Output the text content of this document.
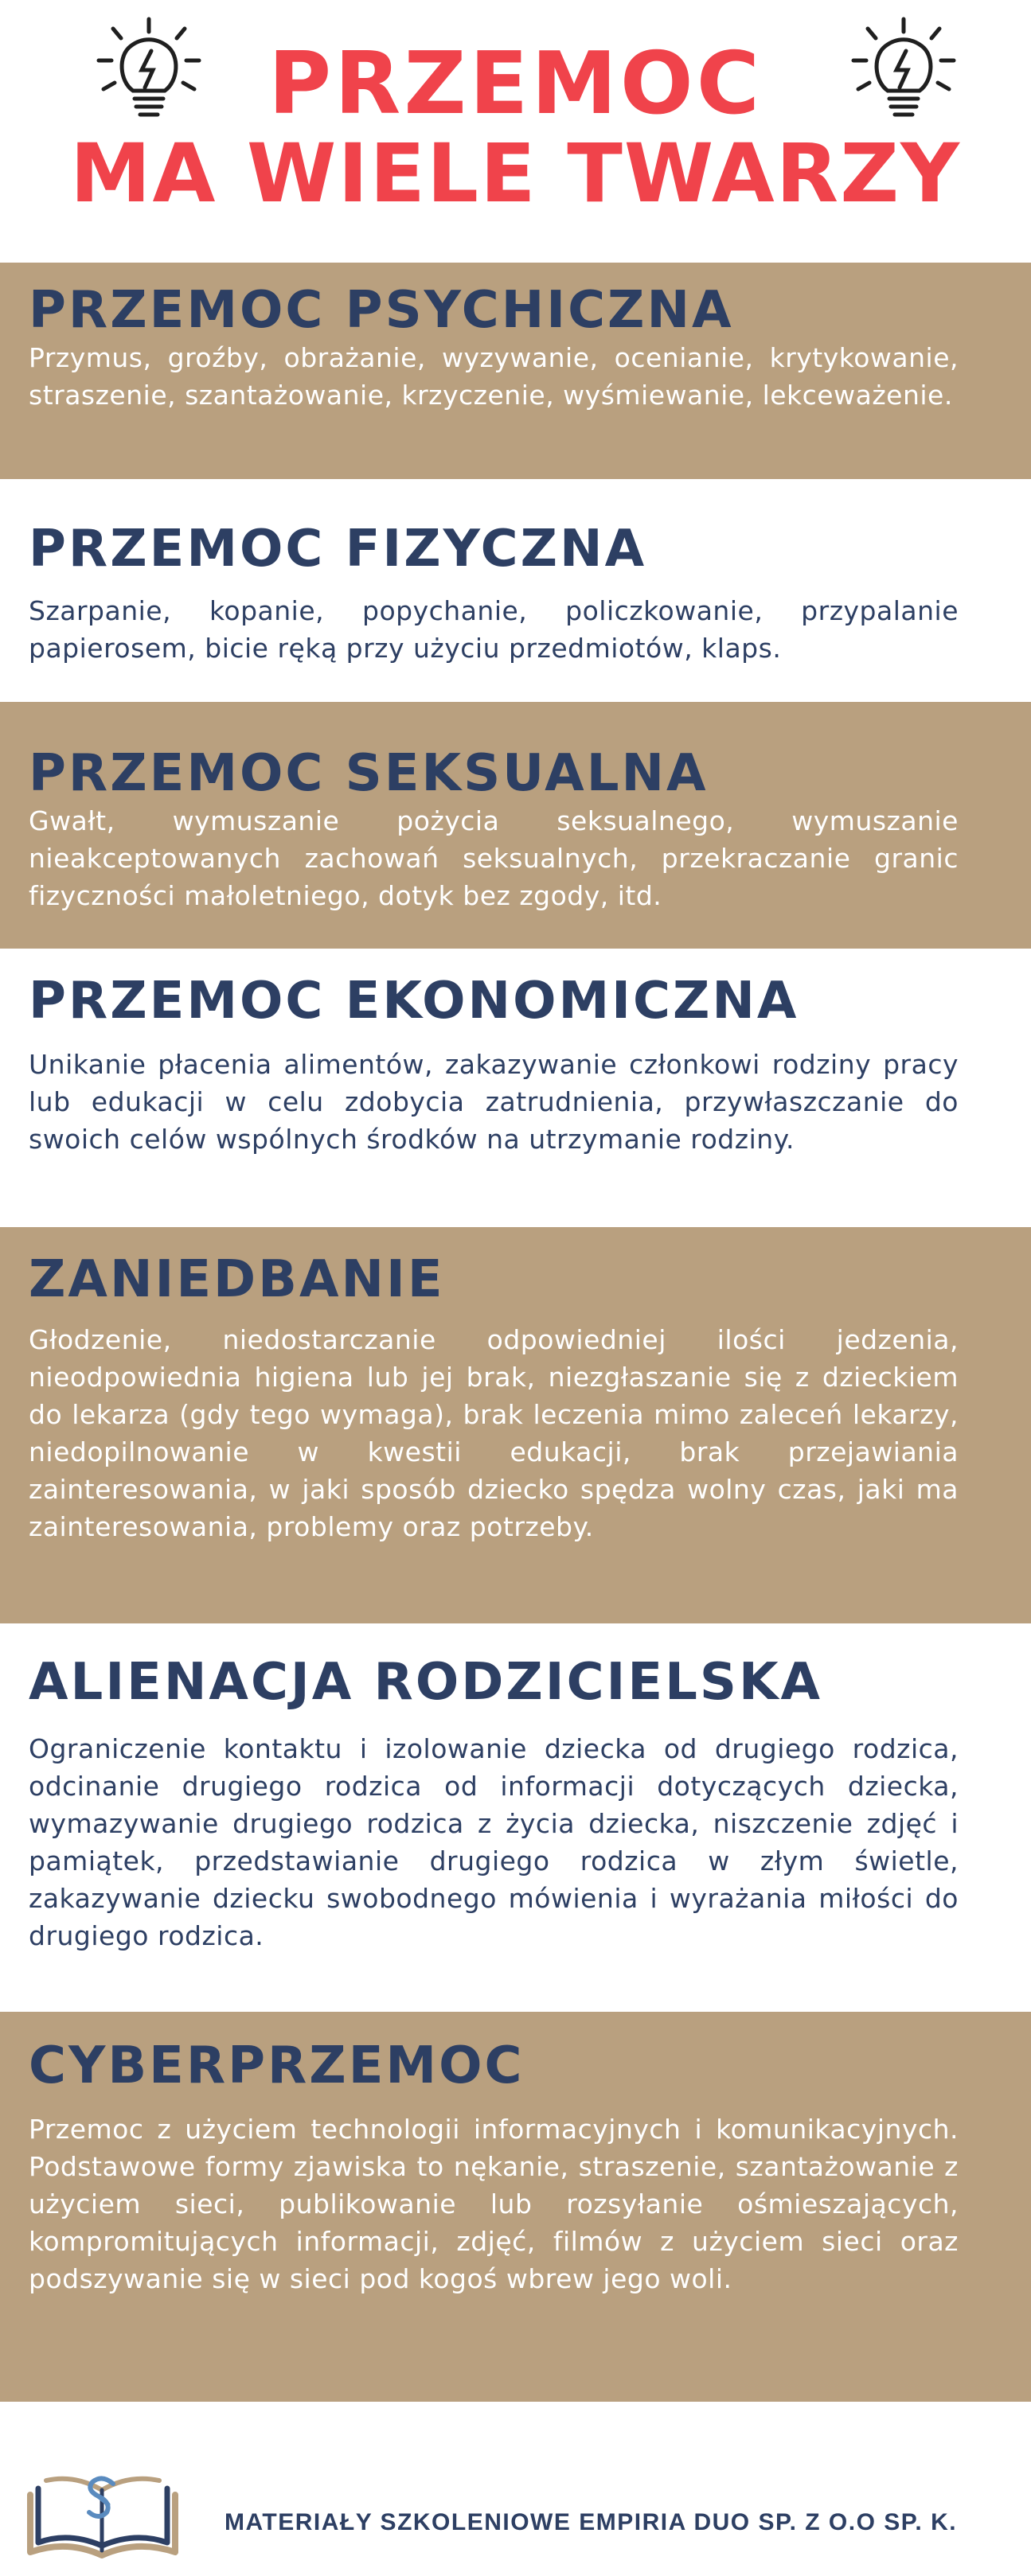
PRZEMOC
MA WIELE TWARZY
PRZEMOC PSYCHICZNA

Przymus, groźby, obrażanie, wyzywanie, ocenianie, krytykowanie, straszenie, szantażowanie, krzyczenie, wyśmiewanie, lekceważenie.

PRZEMOC FIZYCZNA

Szarpanie, kopanie, popychanie, policzkowanie, przypalanie papierosem, bicie ręką przy użyciu przedmiotów, klaps.

PRZEMOC SEKSUALNA

Gwałt, wymuszanie pożycia seksualnego, wymuszanie nieakceptowanych zachowań seksualnych, przekraczanie granic fizyczności małoletniego, dotyk bez zgody, itd.

PRZEMOC EKONOMICZNA

Unikanie płacenia alimentów, zakazywanie członkowi rodziny pracy lub edukacji w celu zdobycia zatrudnienia, przywłaszczanie do swoich celów wspólnych środków na utrzymanie rodziny.

ZANIEDBANIE

Głodzenie, niedostarczanie odpowiedniej ilości jedzenia, nieodpowiednia higiena lub jej brak, niezgłaszanie się z dzieckiem do lekarza (gdy tego wymaga), brak leczenia mimo zaleceń lekarzy, niedopilnowanie w kwestii edukacji, brak przejawiania zainteresowania, w jaki sposób dziecko spędza wolny czas, jaki ma zainteresowania, problemy oraz potrzeby.

ALIENACJA RODZICIELSKA

Ograniczenie kontaktu i izolowanie dziecka od drugiego rodzica, odcinanie drugiego rodzica od informacji dotyczących dziecka, wymazywanie drugiego rodzica z życia dziecka, niszczenie zdjęć i pamiątek, przedstawianie drugiego rodzica w złym świetle, zakazywanie dziecku swobodnego mówienia i wyrażania miłości do drugiego rodzica.

CYBERPRZEMOC

Przemoc z użyciem technologii informacyjnych i komunikacyjnych. Podstawowe formy zjawiska to nękanie, straszenie, szantażowanie z użyciem sieci, publikowanie lub rozsyłanie ośmieszających, kompromitujących informacji, zdjęć, filmów z użyciem sieci oraz podszywanie się w sieci pod kogoś wbrew jego woli.

MATERIAŁY SZKOLENIOWE EMPIRIA DUO SP. Z O.O SP. K.
